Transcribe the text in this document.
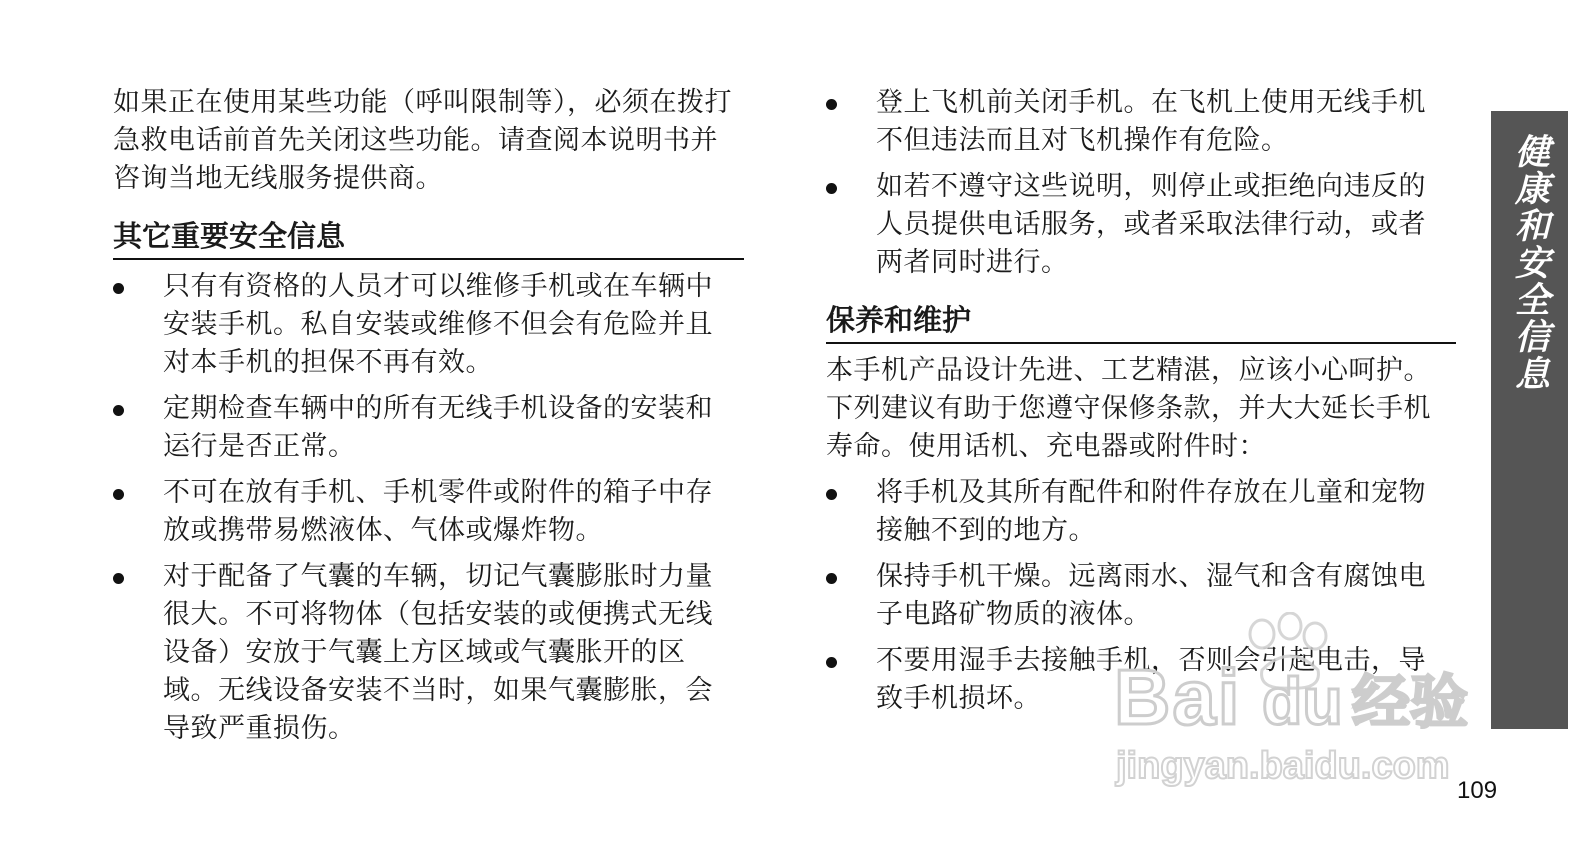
如果正在使用某些功能（呼叫限制等），必须在拨打急救电话前首先关闭这些功能。请查阅本说明书并咨询当地无线服务提供商。

其它重要安全信息
只有有资格的人员才可以维修手机或在车辆中安装手机。私自安装或维修不但会有危险并且对本手机的担保不再有效。
定期检查车辆中的所有无线手机设备的安装和运行是否正常。
不可在放有手机、手机零件或附件的箱子中存放或携带易燃液体、气体或爆炸物。
对于配备了气囊的车辆，切记气囊膨胀时力量很大。不可将物体（包括安装的或便携式无线设备）安放于气囊上方区域或气囊胀开的区域。无线设备安装不当时，如果气囊膨胀，会导致严重损伤。
登上飞机前关闭手机。在飞机上使用无线手机不但违法而且对飞机操作有危险。
如若不遵守这些说明，则停止或拒绝向违反的人员提供电话服务，或者采取法律行动，或者两者同时进行。
保养和维护

本手机产品设计先进、工艺精湛，应该小心呵护。下列建议有助于您遵守保修条款，并大大延长手机寿命。使用话机、充电器或附件时：

将手机及其所有配件和附件存放在儿童和宠物接触不到的地方。
保持手机干燥。远离雨水、湿气和含有腐蚀电子电路矿物质的液体。
不要用湿手去接触手机，否则会引起电击，导致手机损坏。
健康和安全信息
109
Bai du 经验
jingyan.baidu.com
